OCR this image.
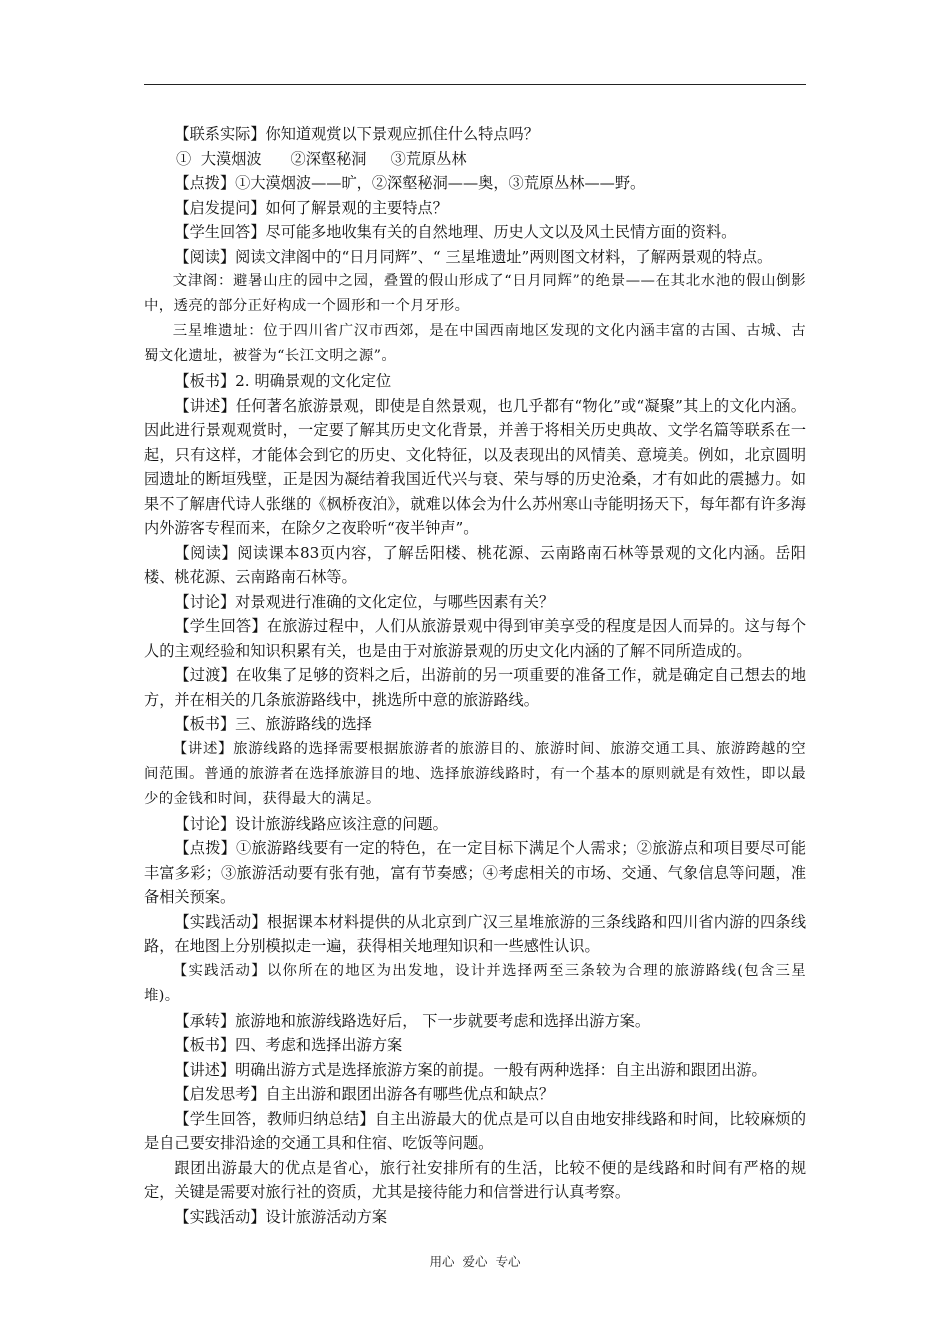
【联系实际】你知道观赏以下景观应抓住什么特点吗？

①  大漠烟波      ②深壑秘洞     ③荒原丛林

【点拨】①大漠烟波——旷，②深壑秘洞——奥，③荒原丛林——野。

【启发提问】如何了解景观的主要特点？

【学生回答】尽可能多地收集有关的自然地理、历史人文以及风土民情方面的资料。

【阅读】阅读文津阁中的“日月同辉”、“ 三星堆遗址”两则图文材料，了解两景观的特点。

文津阁：避暑山庄的园中之园，叠置的假山形成了“日月同辉”的绝景——在其北水池的假山倒影中，透亮的部分正好构成一个圆形和一个月牙形。

三星堆遗址：位于四川省广汉市西郊，是在中国西南地区发现的文化内涵丰富的古国、古城、古蜀文化遗址，被誉为“长江文明之源”。

【板书】2. 明确景观的文化定位

【讲述】任何著名旅游景观，即使是自然景观，也几乎都有“物化”或“凝聚”其上的文化内涵。因此进行景观观赏时，一定要了解其历史文化背景，并善于将相关历史典故、文学名篇等联系在一起，只有这样，才能体会到它的历史、文化特征，以及表现出的风情美、意境美。例如，北京圆明园遗址的断垣残壁，正是因为凝结着我国近代兴与衰、荣与辱的历史沧桑，才有如此的震撼力。如果不了解唐代诗人张继的《枫桥夜泊》，就难以体会为什么苏州寒山寺能明扬天下，每年都有许多海内外游客专程而来，在除夕之夜聆听“夜半钟声”。

【阅读】阅读课本83页内容，了解岳阳楼、桃花源、云南路南石林等景观的文化内涵。岳阳楼、桃花源、云南路南石林等。

【讨论】对景观进行准确的文化定位，与哪些因素有关？

【学生回答】在旅游过程中，人们从旅游景观中得到审美享受的程度是因人而异的。这与每个人的主观经验和知识积累有关，也是由于对旅游景观的历史文化内涵的了解不同所造成的。

【过渡】在收集了足够的资料之后，出游前的另一项重要的准备工作，就是确定自己想去的地方，并在相关的几条旅游路线中，挑选所中意的旅游路线。

【板书】三、旅游路线的选择

【讲述】旅游线路的选择需要根据旅游者的旅游目的、旅游时间、旅游交通工具、旅游跨越的空间范围。普通的旅游者在选择旅游目的地、选择旅游线路时，有一个基本的原则就是有效性，即以最少的金钱和时间，获得最大的满足。

【讨论】设计旅游线路应该注意的问题。

【点拨】①旅游路线要有一定的特色，在一定目标下满足个人需求；②旅游点和项目要尽可能丰富多彩；③旅游活动要有张有弛，富有节奏感；④考虑相关的市场、交通、气象信息等问题，准备相关预案。

【实践活动】根据课本材料提供的从北京到广汉三星堆旅游的三条线路和四川省内游的四条线路，在地图上分别模拟走一遍，获得相关地理知识和一些感性认识。

【实践活动】以你所在的地区为出发地，设计并选择两至三条较为合理的旅游路线(包含三星堆)。

【承转】旅游地和旅游线路选好后， 下一步就要考虑和选择出游方案。

【板书】四、考虑和选择出游方案

【讲述】明确出游方式是选择旅游方案的前提。一般有两种选择：自主出游和跟团出游。

【启发思考】自主出游和跟团出游各有哪些优点和缺点？

【学生回答，教师归纳总结】自主出游最大的优点是可以自由地安排线路和时间，比较麻烦的是自己要安排沿途的交通工具和住宿、吃饭等问题。

跟团出游最大的优点是省心，旅行社安排所有的生活，比较不便的是线路和时间有严格的规定，关键是需要对旅行社的资质，尤其是接待能力和信誉进行认真考察。

【实践活动】设计旅游活动方案

用心  爱心  专心
